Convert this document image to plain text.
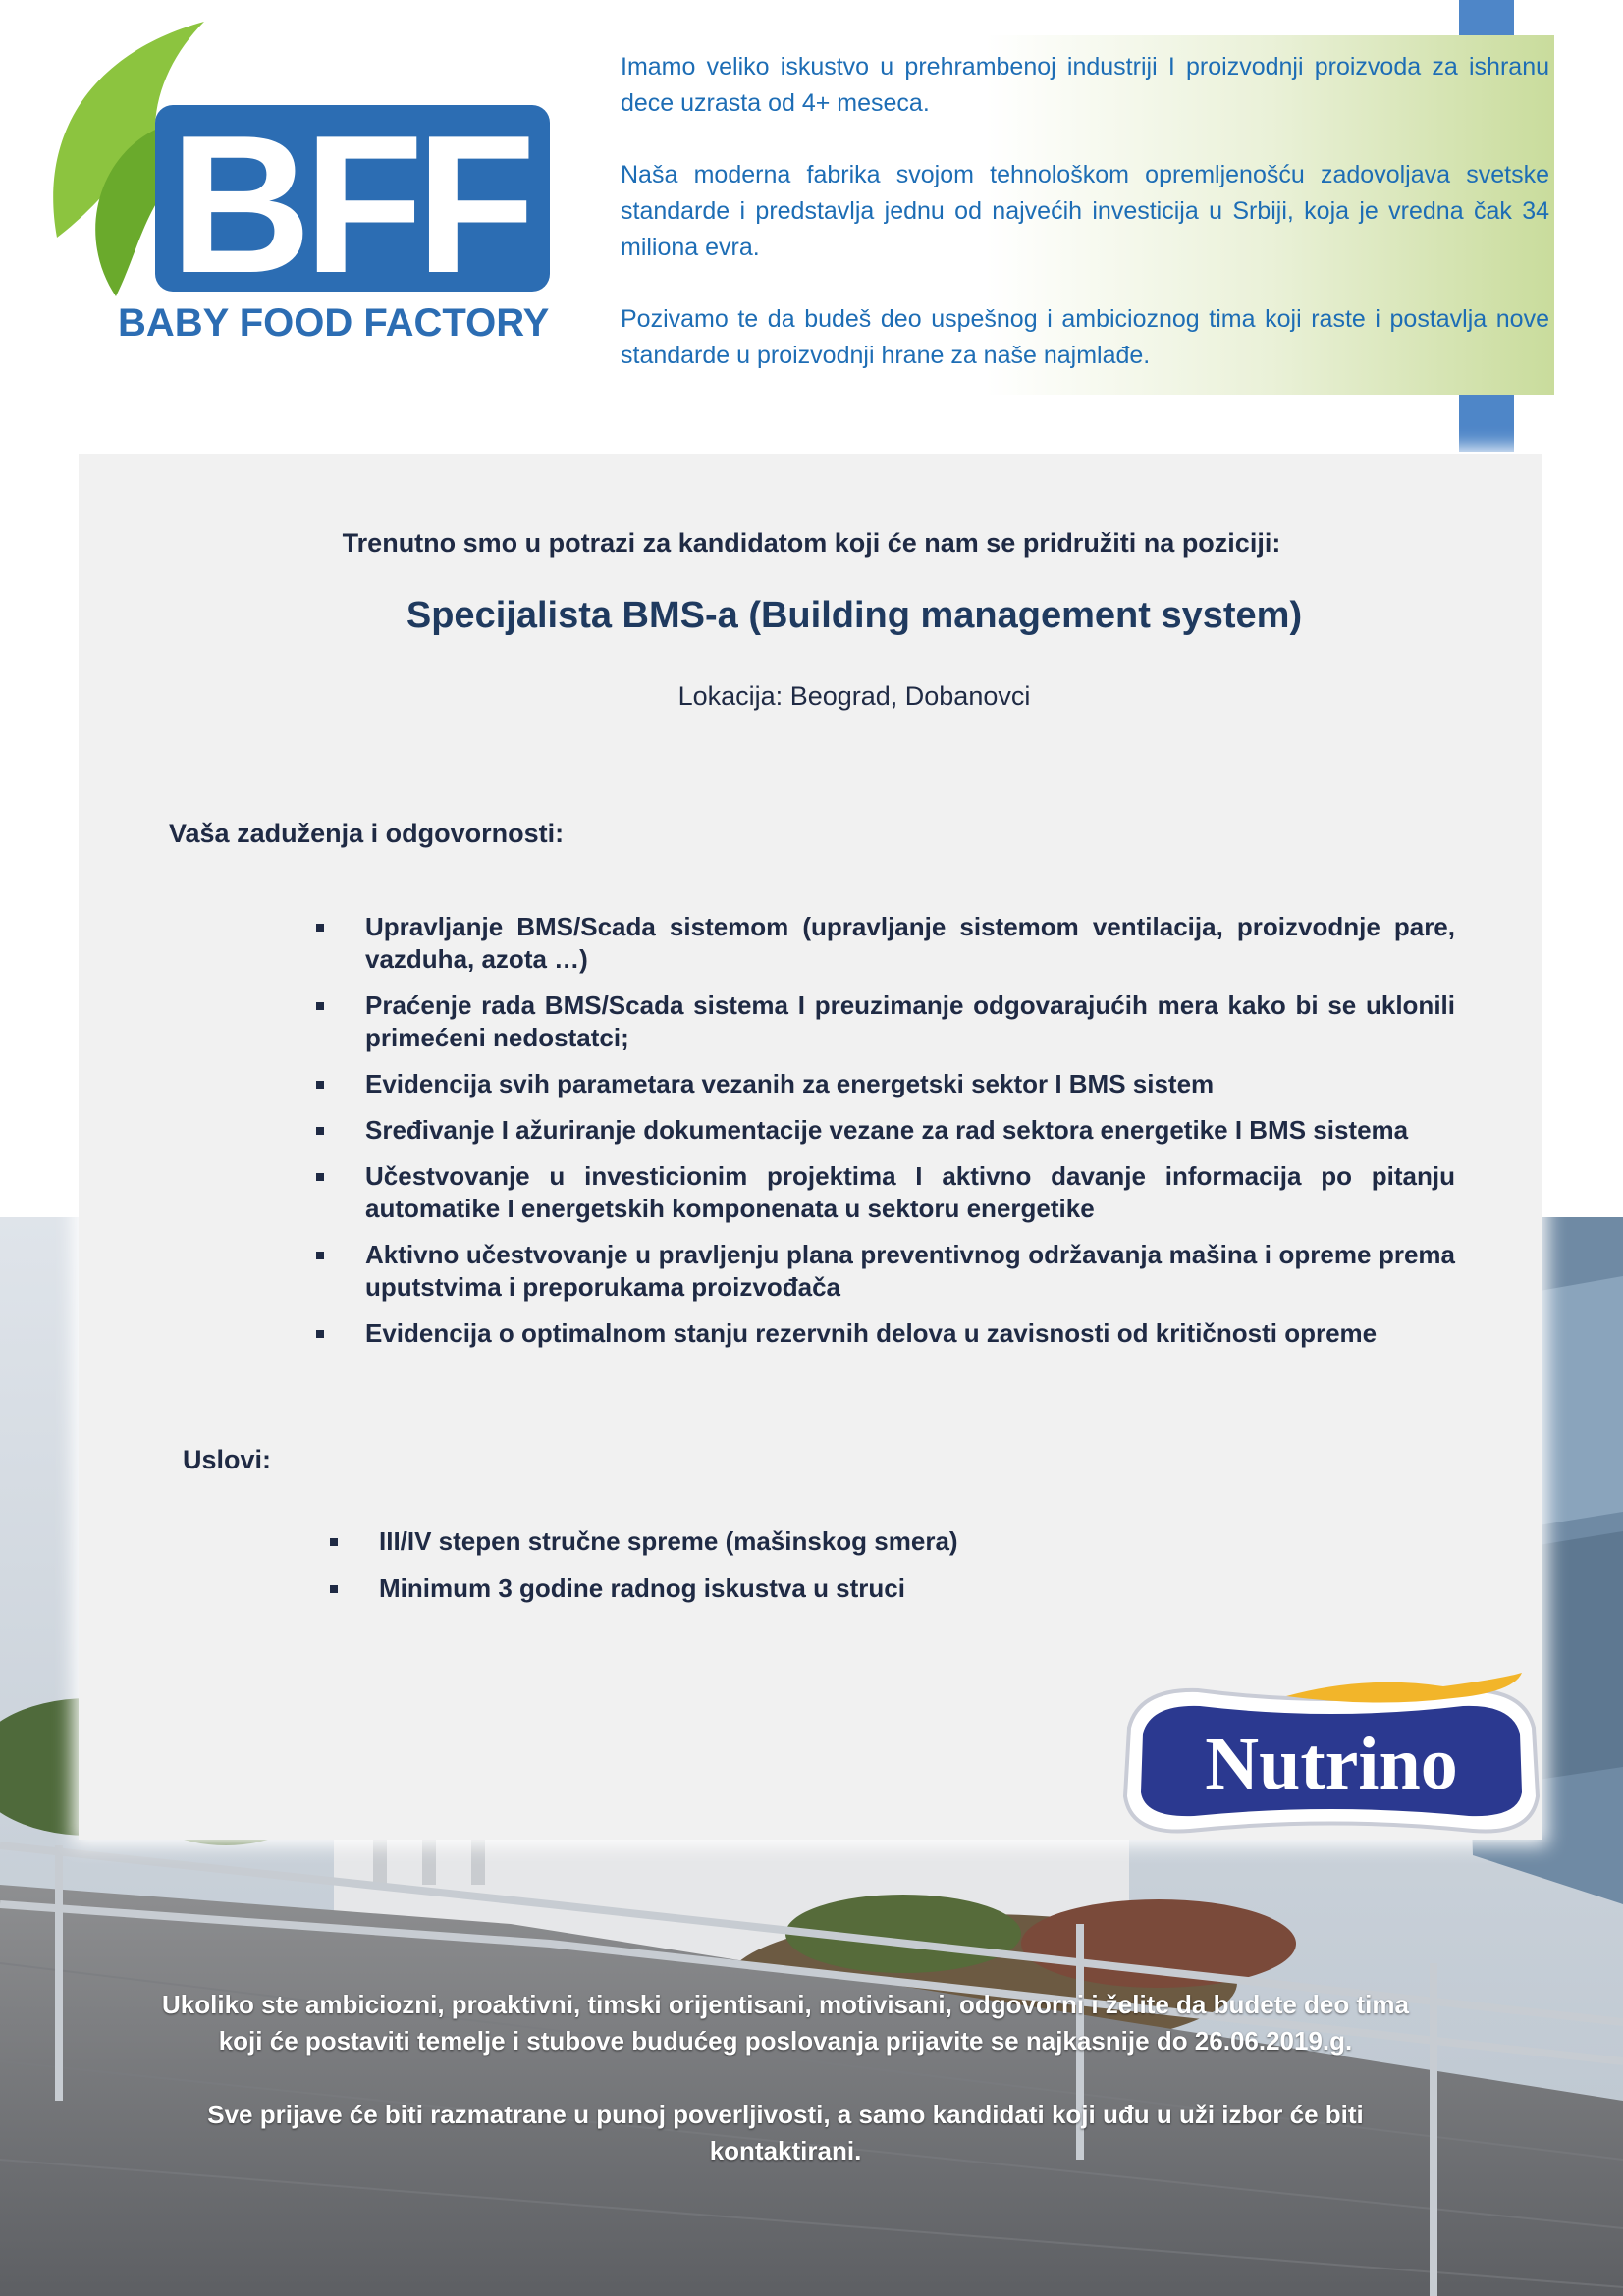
BFF
BABY FOOD FACTORY

Imamo veliko iskustvo u prehrambenoj industriji I proizvodnji proizvoda za ishranu dece uzrasta od 4+ meseca.

Naša moderna fabrika svojom tehnološkom opremljenošću zadovoljava svetske standarde i predstavlja jednu od najvećih investicija u Srbiji, koja je vredna čak 34 miliona evra.

Pozivamo te da budeš deo uspešnog i ambicioznog tima koji raste i postavlja nove standarde u proizvodnji hrane za naše najmlađe.

Trenutno smo u potrazi za kandidatom koji će nam se pridružiti na poziciji:
Specijalista BMS-a (Building management system)
Lokacija: Beograd, Dobanovci
Vaša zaduženja i odgovornosti:
Upravljanje BMS/Scada sistemom (upravljanje sistemom ventilacija, proizvodnje pare, vazduha, azota …)
Praćenje rada BMS/Scada sistema I preuzimanje odgovarajućih mera kako bi se uklonili primećeni nedostatci;
Evidencija svih parametara vezanih za energetski sektor I BMS sistem
Sređivanje I ažuriranje dokumentacije vezane za rad sektora energetike I BMS sistema
Učestvovanje u investicionim projektima I aktivno davanje informacija po pitanju automatike I energetskih komponenata u sektoru energetike
Aktivno učestvovanje u pravljenju plana preventivnog održavanja mašina i opreme prema uputstvima i preporukama proizvođača
Evidencija o optimalnom stanju rezervnih delova u zavisnosti od kritičnosti opreme
Uslovi:
III/IV stepen stručne spreme (mašinskog smera)
Minimum 3 godine radnog iskustva u struci
Nutrino

Ukoliko ste ambiciozni, proaktivni, timski orijentisani, motivisani, odgovorni i želite da budete deo tima koji će postaviti temelje i stubove budućeg poslovanja prijavite se najkasnije do 26.06.2019.g.

Sve prijave će biti razmatrane u punoj poverljivosti, a samo kandidati koji uđu u uži izbor će biti kontaktirani.
